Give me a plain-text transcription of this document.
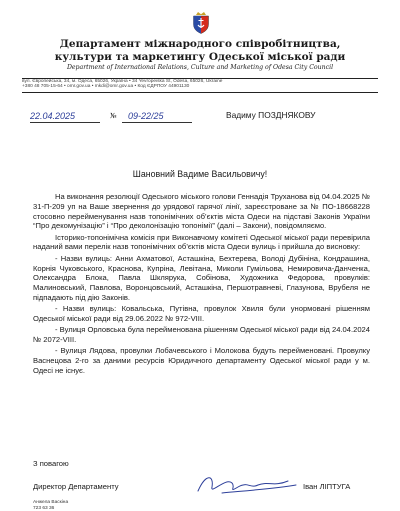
Департамент міжнародного співробітництва,
культури та маркетингу Одеської міської ради
Department of International Relations, Culture and Marketing of Odesa City Council
вул. Європейська, 34, м. Одеса, 65026, Україна • 34 Yevropeiska St, Odesa, 65026, Ukraine
+380 48 705-15-64 • omr.gov.ua • mkdi@omr.gov.ua • Код ЄДРПОУ 44901130
22.04.2025	№ 09-22/25	Вадиму ПОЗДНЯКОВУ
Шановний Вадиме Васильовичу!

На виконання резолюції Одеського міського голови Геннадія Труханова від 04.04.2025 № 31-П-209 уп на Ваше звернення до урядової гарячої лінії, зареєстроване за № ПО-18668228 стосовно перейменування назв топонімічних об’єктів міста Одеси на підставі Законів України “Про декомунізацію” і “Про деколонізацію топонімії” (далі – Закони), повідомляємо.

Історико-топонімічна комісія при Виконавчому комітеті Одеської міської ради перевірила наданий вами перелік назв топонімічних об’єктів міста Одеси вулиць і прийшла до висновку:

- Назви вулиць: Анни Ахматової, Асташкіна, Бехтерева, Володі Дубініна, Кондрашина, Корнія Чуковського, Краснова, Купріна, Левітана, Миколи Гумільова, Немировича-Данченка, Олександра Блока, Павла Шклярука, Собінова, Художника Федорова, провулків: Малиновський, Павлова, Воронцовський, Асташкіна, Першотравневі, Глазунова, Врубеля не підпадають під дію Законів.

- Назви вулиць: Ковальська, Путівна, провулок Хвиля були унормовані рішенням Одеської міської ради від 29.06.2022 № 972-VIII.

- Вулиця Орловська була перейменована рішенням Одеської міської ради від 24.04.2024 № 2072-VIII.

- Вулиця Лядова, провулки Лобачевського і Молокова будуть перейменовані. Провулку Васнецова 2-го за даними ресурсів Юридичного департаменту Одеської міської ради у м. Одесі не існує.

З повагою
Директор Департаменту	Іван ЛІПТУГА
Анжела Васкіна
723 63 36
